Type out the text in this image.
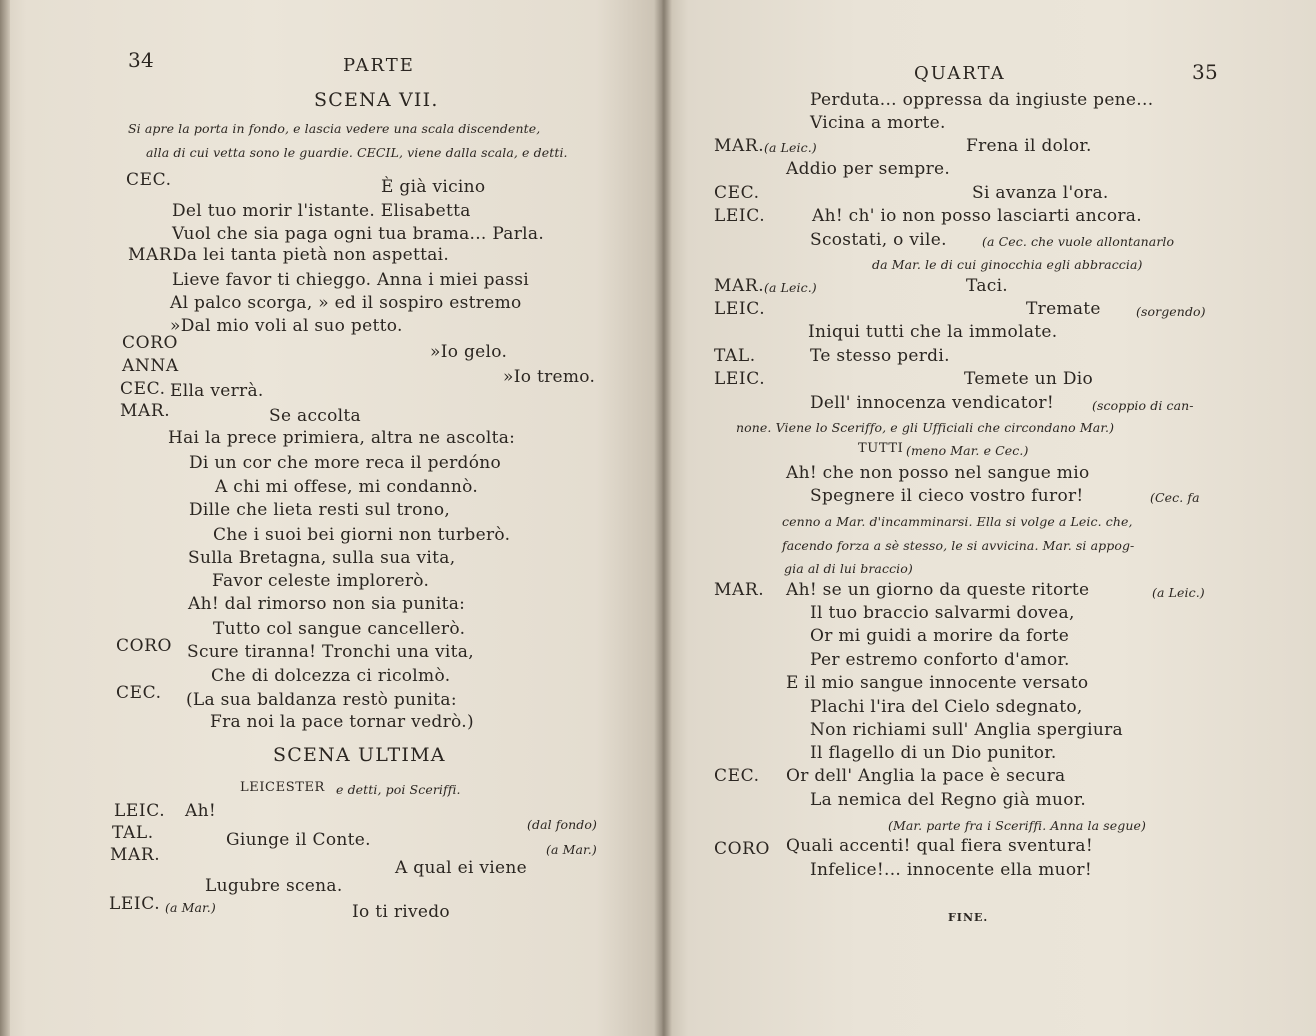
34	PARTE
SCENA VII.
Si apre la porta in fondo, e lascia vedere una scala discendente,
alla di cui vetta sono le guardie. CECIL, viene dalla scala, e detti.
CEC.	È già vicino
Del tuo morir l'istante. Elisabetta
Vuol che sia paga ogni tua brama... Parla.
MAR.
Da lei tanta pietà non aspettai.
Lieve favor ti chieggo. Anna i miei passi
Al palco scorga, » ed il sospiro estremo
»Dal mio voli al suo petto.
CORO	»Io gelo.
ANNA
»Io tremo.
CEC. Ella verrà.
MAR.	Se accolta
Hai la prece primiera, altra ne ascolta:
Di un cor che more reca il perdóno
A chi mi offese, mi condannò.
Dille che lieta resti sul trono,
Che i suoi bei giorni non turberò.
Sulla Bretagna, sulla sua vita,
Favor celeste implorerò.
Ah! dal rimorso non sia punita:
Tutto col sangue cancellerò.
CORO Scure tiranna! Tronchi una vita,
Che di dolcezza ci ricolmò.
CEC. (La sua baldanza restò punita:
Fra noi la pace tornar vedrò.)
SCENA ULTIMA
LEICESTER e detti, poi Sceriffi.
LEIC. Ah!
(dal fondo)
TAL.	Giunge il Conte.	(a Mar.)
MAR.
A qual ei viene
Lugubre scena.
LEIC. (a Mar.)	Io ti rivedo
QUARTA	35
Perduta... oppressa da ingiuste pene...
Vicina a morte.
MAR. (a Leic.)	Frena il dolor.
Addio per sempre.
CEC.	Si avanza l'ora.
LEIC.	Ah! ch' io non posso lasciarti ancora.
Scostati, o vile.	(a Cec. che vuole allontanarlo
da Mar. le di cui ginocchia egli abbraccia)
MAR. (a Leic.)	Taci.
LEIC.	Tremate	(sorgendo)
Iniqui tutti che la immolate.
TAL.	Te stesso perdi.
LEIC.	Temete un Dio
Dell' innocenza vendicator!	(scoppio di can-
none. Viene lo Sceriffo, e gli Ufficiali che circondano Mar.)
TUTTI (meno Mar. e Cec.)
Ah! che non posso nel sangue mio
Spegnere il cieco vostro furor!	(Cec. fa
cenno a Mar. d'incamminarsi. Ella si volge a Leic. che,
facendo forza a sè stesso, le si avvicina. Mar. si appog-
gia al di lui braccio)
MAR. Ah! se un giorno da queste ritorte	(a Leic.)
Il tuo braccio salvarmi dovea,
Or mi guidi a morire da forte
Per estremo conforto d'amor.
E il mio sangue innocente versato
Plachi l'ira del Cielo sdegnato,
Non richiami sull' Anglia spergiura
Il flagello di un Dio punitor.
CEC. Or dell' Anglia la pace è secura
La nemica del Regno già muor.
(Mar. parte fra i Sceriffi. Anna la segue)
CORO Quali accenti! qual fiera sventura!
Infelice!... innocente ella muor!
FINE.
